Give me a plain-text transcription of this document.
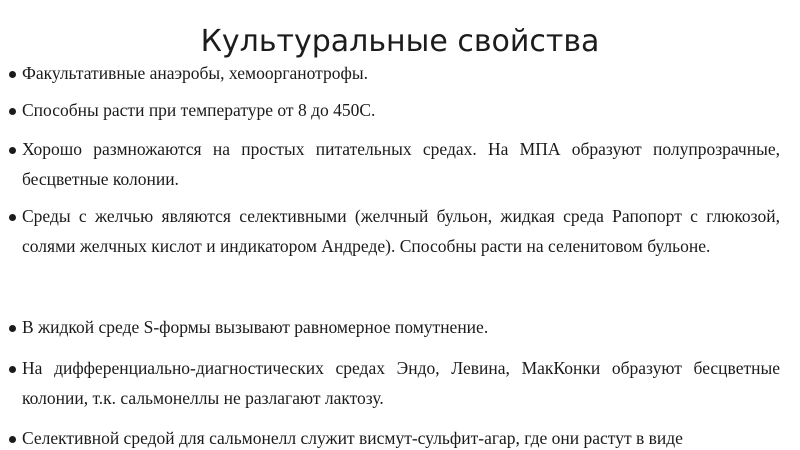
Культуральные свойства

Факультативные анаэробы, хемоорганотрофы.

Способны расти при температуре от 8 до 450С.

Хорошо размножаются на простых питательных средах. На МПА образуют полупрозрачные, бесцветные колонии.

Среды с желчью являются селективными (желчный бульон, жидкая среда Рапопорт с глюкозой, солями желчных кислот и индикатором Андреде). Способны расти на селенитовом бульоне.

В жидкой среде S-формы вызывают равномерное помутнение.

На дифференциально-диагностических средах Эндо, Левина, МакКонки образуют бесцветные колонии, т.к. сальмонеллы не разлагают лактозу.

Селективной средой для сальмонелл служит висмут-сульфит-агар, где они растут в виде
